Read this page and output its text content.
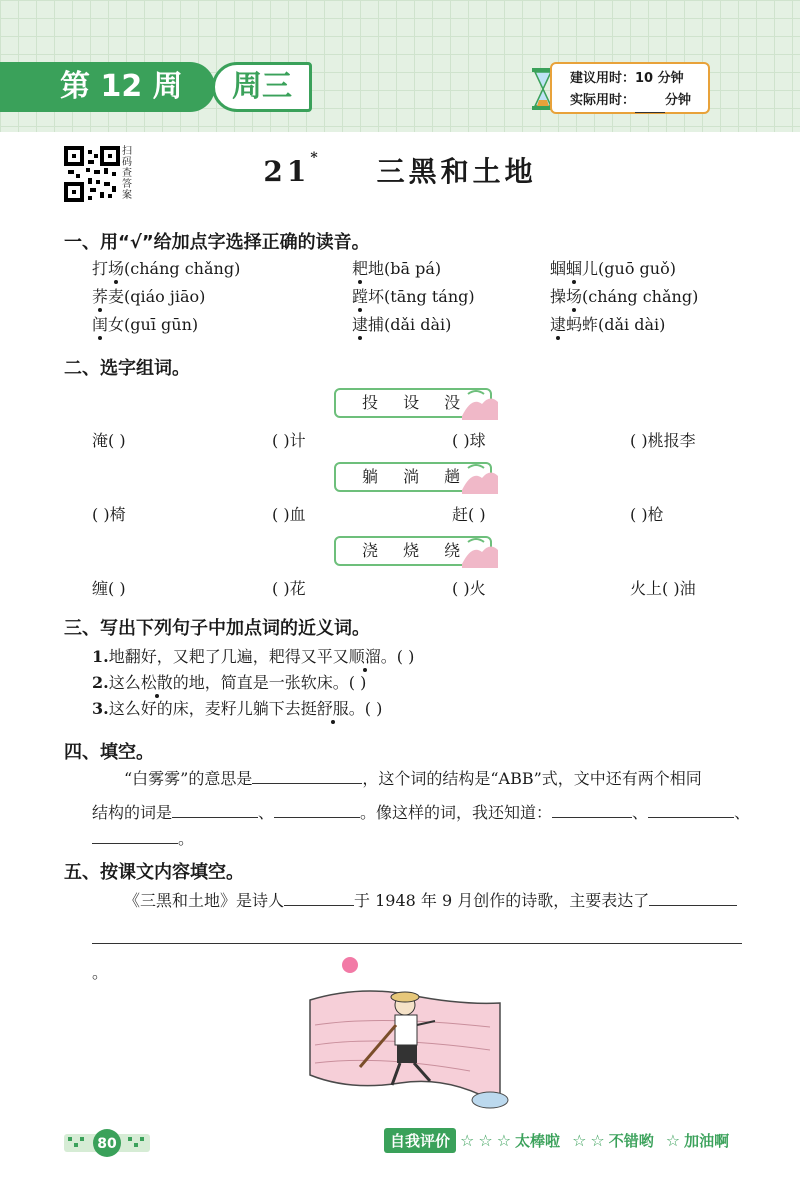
第 12 周	周三	建议用时：10 分钟
实际用时： 分钟
扫码查答案
21* 三黑和土地
一、用“√”给加点字选择正确的读音。
打场(cháng chǎng)	耙地(bā pá)	蝈蝈儿(guō guǒ)
荞麦(qiáo jiāo)	蹚坏(tāng táng)	操场(cháng chǎng)
闺女(guī gūn)	逮捕(dǎi dài)	逮蚂蚱(dǎi dài)
二、选字组词。
投 设 没
淹( )	( )计	( )球	( )桃报李
躺 淌 趟
( )椅	( )血	赶( )	( )枪
浇 烧 绕
缠( )	( )花	( )火	火上( )油
三、写出下列句子中加点词的近义词。
1.地翻好，又耙了几遍，耙得又平又顺溜。( )
2.这么松散的地，简直是一张软床。( )
3.这么好的床，麦籽儿躺下去挺舒服。( )
四、填空。
“白雾雾”的意思是	，这个词的结构是“ABB”式，文中还有两个相同
结构的词是	、	。像这样的词，我还知道：	、	、
。
五、按课文内容填空。
《三黑和土地》是诗人	于 1948 年 9 月创作的诗歌，主要表达了
。
80	自我评价 ☆ ☆ ☆ 太棒啦 ☆ ☆ 不错哟 ☆ 加油啊
